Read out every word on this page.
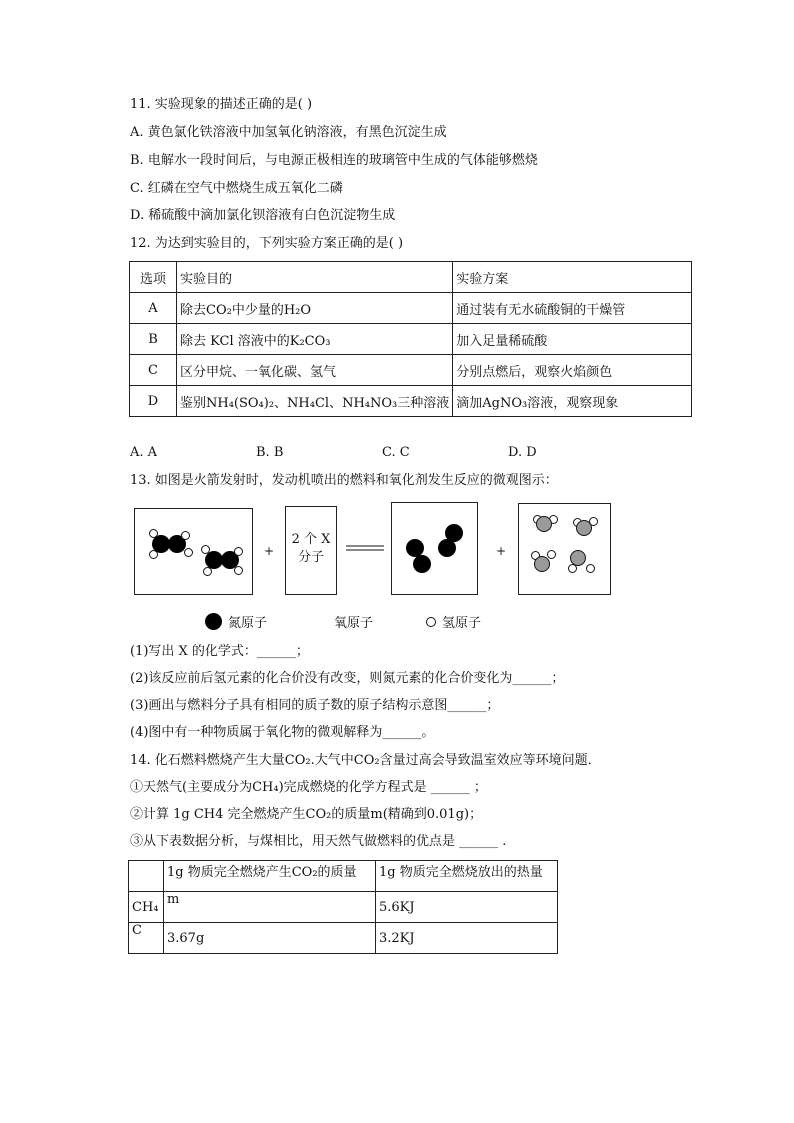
11. 实验现象的描述正确的是( )
A. 黄色氯化铁溶液中加氢氧化钠溶液，有黑色沉淀生成
B. 电解水一段时间后，与电源正极相连的玻璃管中生成的气体能够燃烧
C. 红磷在空气中燃烧生成五氧化二磷
D. 稀硫酸中滴加氯化钡溶液有白色沉淀物生成
12. 为达到实验目的，下列实验方案正确的是( )
选项	实验目的	实验方案
A	除去CO₂中少量的H₂O	通过装有无水硫酸铜的干燥管
B	除去 KCl 溶液中的K₂CO₃	加入足量稀硫酸
C	区分甲烷、一氧化碳、氢气	分别点燃后，观察火焰颜色
D	鉴别NH₄(SO₄)₂、NH₄Cl、NH₄NO₃三种溶液	滴加AgNO₃溶液，观察现象
A. A	B. B	C. C	D. D
13. 如图是火箭发射时，发动机喷出的燃料和氧化剂发生反应的微观图示：
+
2 个 X
分子	+
氮原子	氧原子	氢原子
(1)写出 X 的化学式：______；
(2)该反应前后氢元素的化合价没有改变，则氮元素的化合价变化为______；
(3)画出与燃料分子具有相同的质子数的原子结构示意图______；
(4)图中有一种物质属于氧化物的微观解释为______。
14. 化石燃料燃烧产生大量CO₂.大气中CO₂含量过高会导致温室效应等环境问题．
①天然气(主要成分为CH₄)完成燃烧的化学方程式是 ______ ；
②计算 1g CH4 完全燃烧产生CO₂的质量m(精确到0.01g)；
③从下表数据分析，与煤相比，用天然气做燃料的优点是 ______ .
	1g 物质完全燃烧产生CO₂的质量	1g 物质完全燃烧放出的热量
CH₄	m	5.6KJ
C	3.67g	3.2KJ
